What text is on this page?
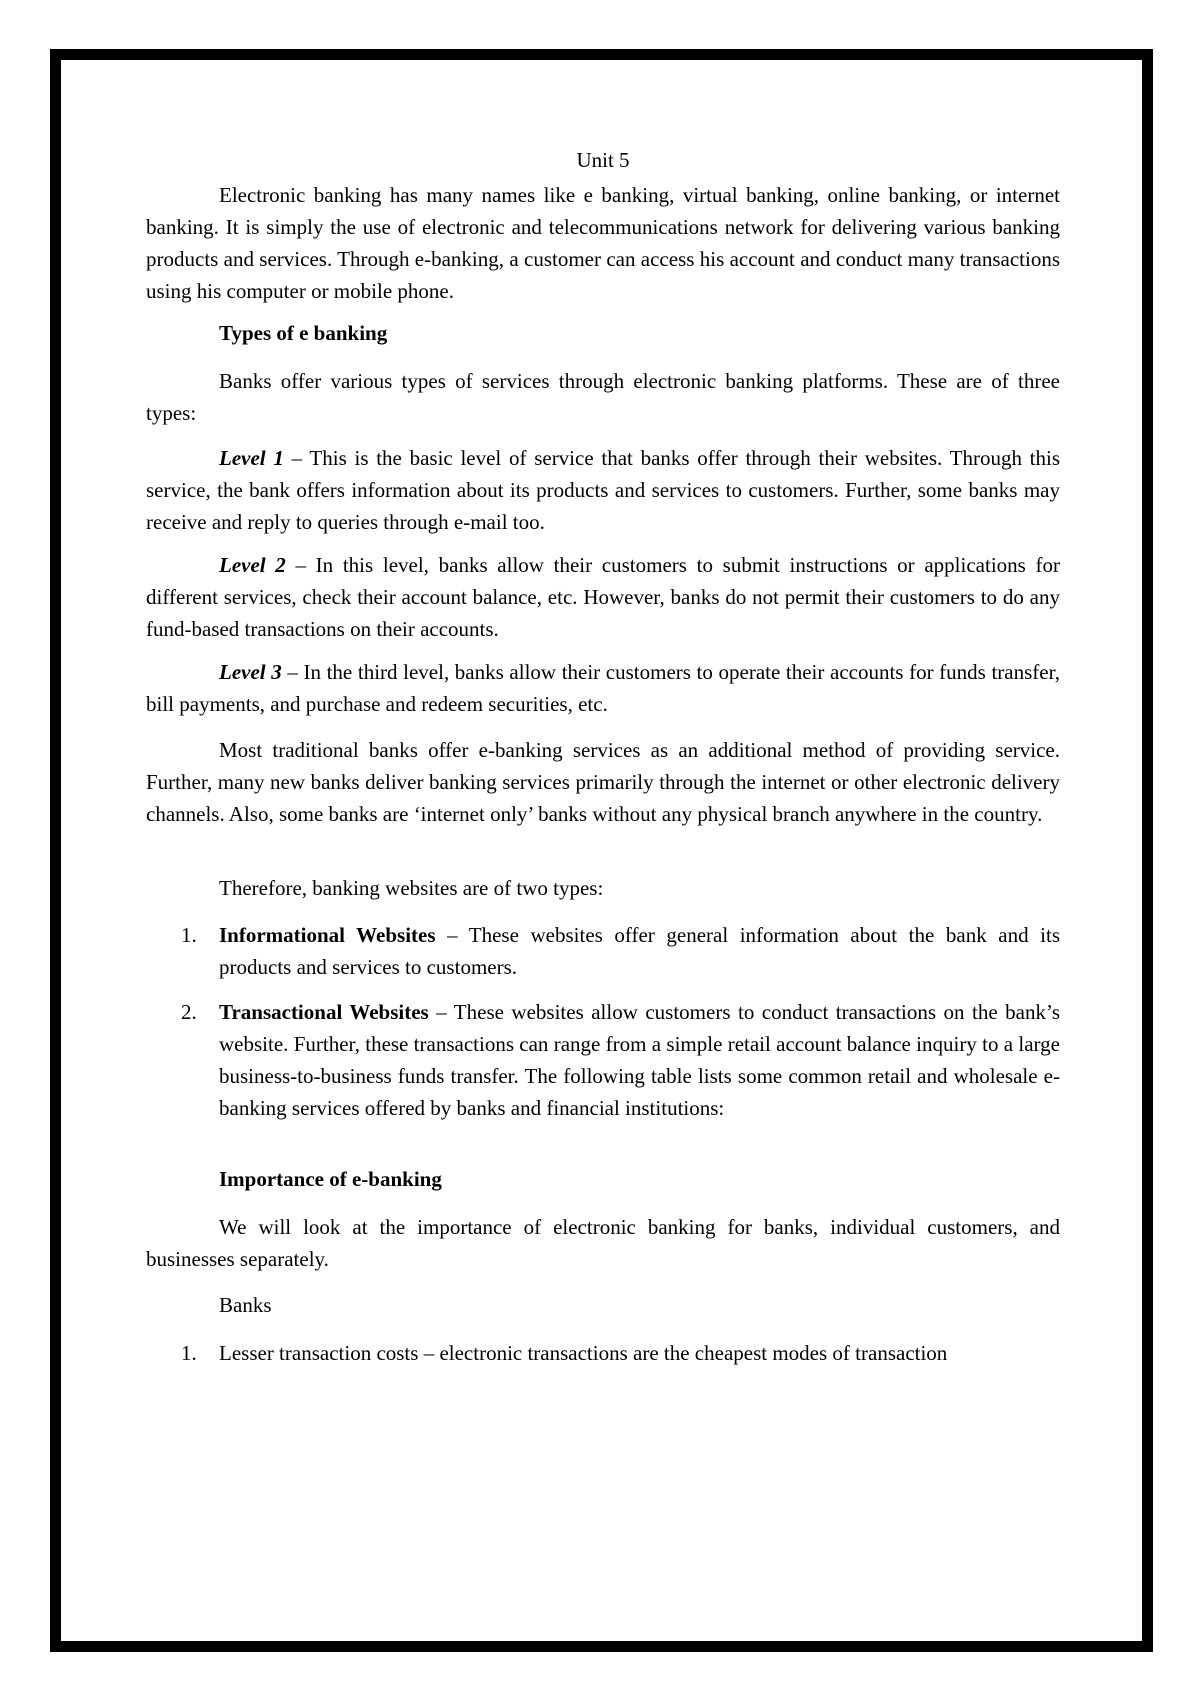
Unit 5

Electronic banking has many names like e banking, virtual banking, online banking, or internet banking. It is simply the use of electronic and telecommunications network for delivering various banking products and services. Through e-banking, a customer can access his account and conduct many transactions using his computer or mobile phone.

Types of e banking

Banks offer various types of services through electronic banking platforms. These are of three types:

Level 1 – This is the basic level of service that banks offer through their websites. Through this service, the bank offers information about its products and services to customers. Further, some banks may receive and reply to queries through e-mail too.

Level 2 – In this level, banks allow their customers to submit instructions or applications for different services, check their account balance, etc. However, banks do not permit their customers to do any fund-based transactions on their accounts.

Level 3 – In the third level, banks allow their customers to operate their accounts for funds transfer, bill payments, and purchase and redeem securities, etc.

Most traditional banks offer e-banking services as an additional method of providing service. Further, many new banks deliver banking services primarily through the internet or other electronic delivery channels. Also, some banks are ‘internet only’ banks without any physical branch anywhere in the country.

Therefore, banking websites are of two types:

1. Informational Websites – These websites offer general information about the bank and its products and services to customers.
2. Transactional Websites – These websites allow customers to conduct transactions on the bank’s website. Further, these transactions can range from a simple retail account balance inquiry to a large business-to-business funds transfer. The following table lists some common retail and wholesale e-banking services offered by banks and financial institutions:

Importance of e-banking

We will look at the importance of electronic banking for banks, individual customers, and businesses separately.

Banks

1. Lesser transaction costs – electronic transactions are the cheapest modes of transaction
